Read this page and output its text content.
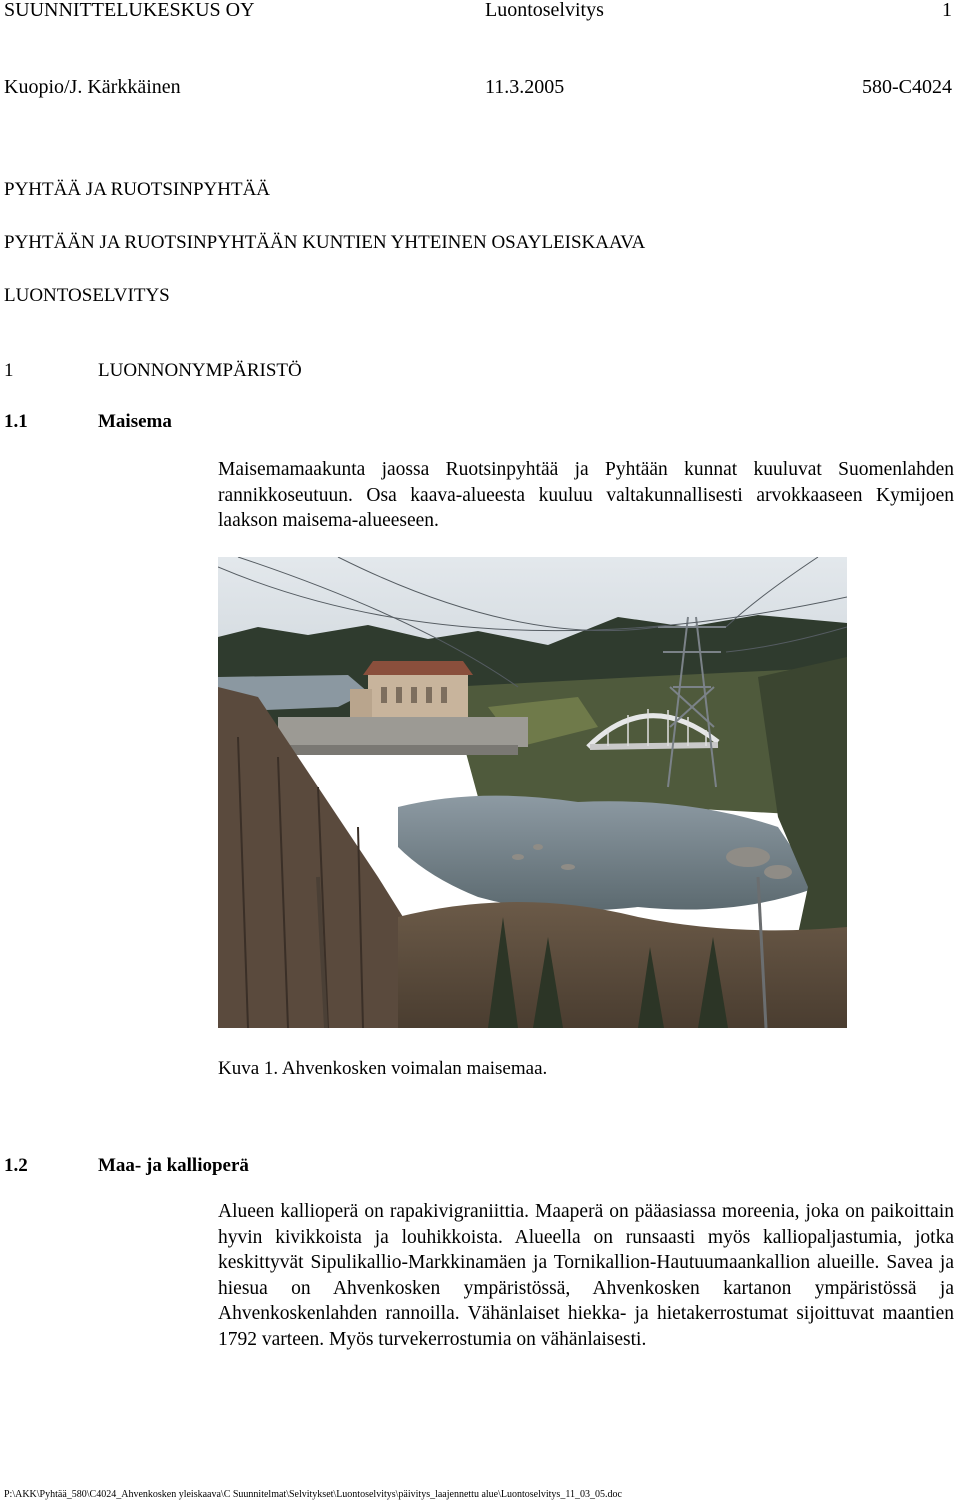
SUUNNITTELUKESKUS OY	Luontoselvitys	1
Kuopio/J. Kärkkäinen	11.3.2005	580-C4024
PYHTÄÄ JA RUOTSINPYHTÄÄ
PYHTÄÄN JA RUOTSINPYHTÄÄN KUNTIEN YHTEINEN OSAYLEISKAAVA
LUONTOSELVITYS
1	LUONNONYMPÄRISTÖ
1.1	Maisema
Maisemamaakunta jaossa Ruotsinpyhtää ja Pyhtään kunnat kuuluvat Suomenlahden rannikkoseutuun. Osa kaava-alueesta kuuluu valtakunnallisesti arvokkaaseen Kymijoen laakson maisema-alueeseen.
Kuva 1. Ahvenkosken voimalan maisemaa.
1.2	Maa- ja kallioperä
Alueen kallioperä on rapakivigraniittia. Maaperä on pääasiassa moreenia, joka on paikoittain hyvin kivikkoista ja louhikkoista. Alueella on runsaasti myös kalliopaljastumia, jotka keskittyvät Sipulikallio-Markkinamäen ja Tornikallion-Hautuumaankallion alueille. Savea ja hiesua on Ahvenkosken ympäristössä, Ahvenkosken kartanon ympäristössä ja Ahvenkoskenlahden rannoilla. Vähänlaiset hiekka- ja hietakerrostumat sijoittuvat maantien 1792 varteen. Myös turvekerrostumia on vähänlaisesti.
P:\AKK\Pyhtää_580\C4024_Ahvenkosken yleiskaava\C Suunnitelmat\Selvitykset\Luontoselvitys\päivitys_laajennettu alue\Luontoselvitys_11_03_05.doc
